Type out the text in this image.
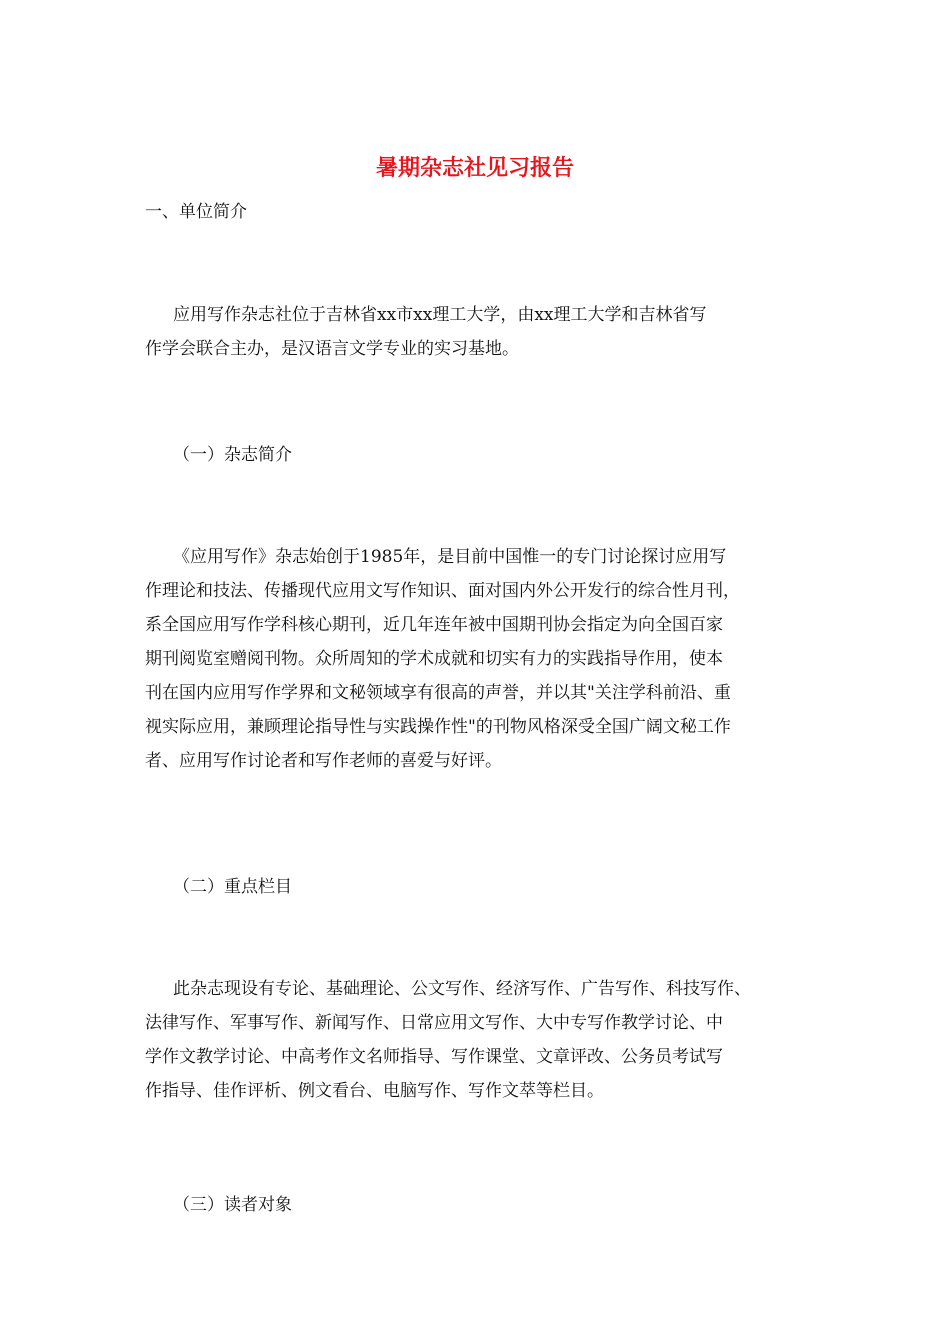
暑期杂志社见习报告
一、单位简介
应用写作杂志社位于吉林省xx市xx理工大学，由xx理工大学和吉林省写
作学会联合主办，是汉语言文学专业的实习基地。
（一）杂志简介
《应用写作》杂志始创于1985年，是目前中国惟一的专门讨论探讨应用写
作理论和技法、传播现代应用文写作知识、面对国内外公开发行的综合性月刊，
系全国应用写作学科核心期刊，近几年连年被中国期刊协会指定为向全国百家
期刊阅览室赠阅刊物。众所周知的学术成就和切实有力的实践指导作用，使本
刊在国内应用写作学界和文秘领域享有很高的声誉，并以其"关注学科前沿、重
视实际应用，兼顾理论指导性与实践操作性"的刊物风格深受全国广阔文秘工作
者、应用写作讨论者和写作老师的喜爱与好评。
（二）重点栏目
此杂志现设有专论、基础理论、公文写作、经济写作、广告写作、科技写作、
法律写作、军事写作、新闻写作、日常应用文写作、大中专写作教学讨论、中
学作文教学讨论、中高考作文名师指导、写作课堂、文章评改、公务员考试写
作指导、佳作评析、例文看台、电脑写作、写作文萃等栏目。
（三）读者对象
